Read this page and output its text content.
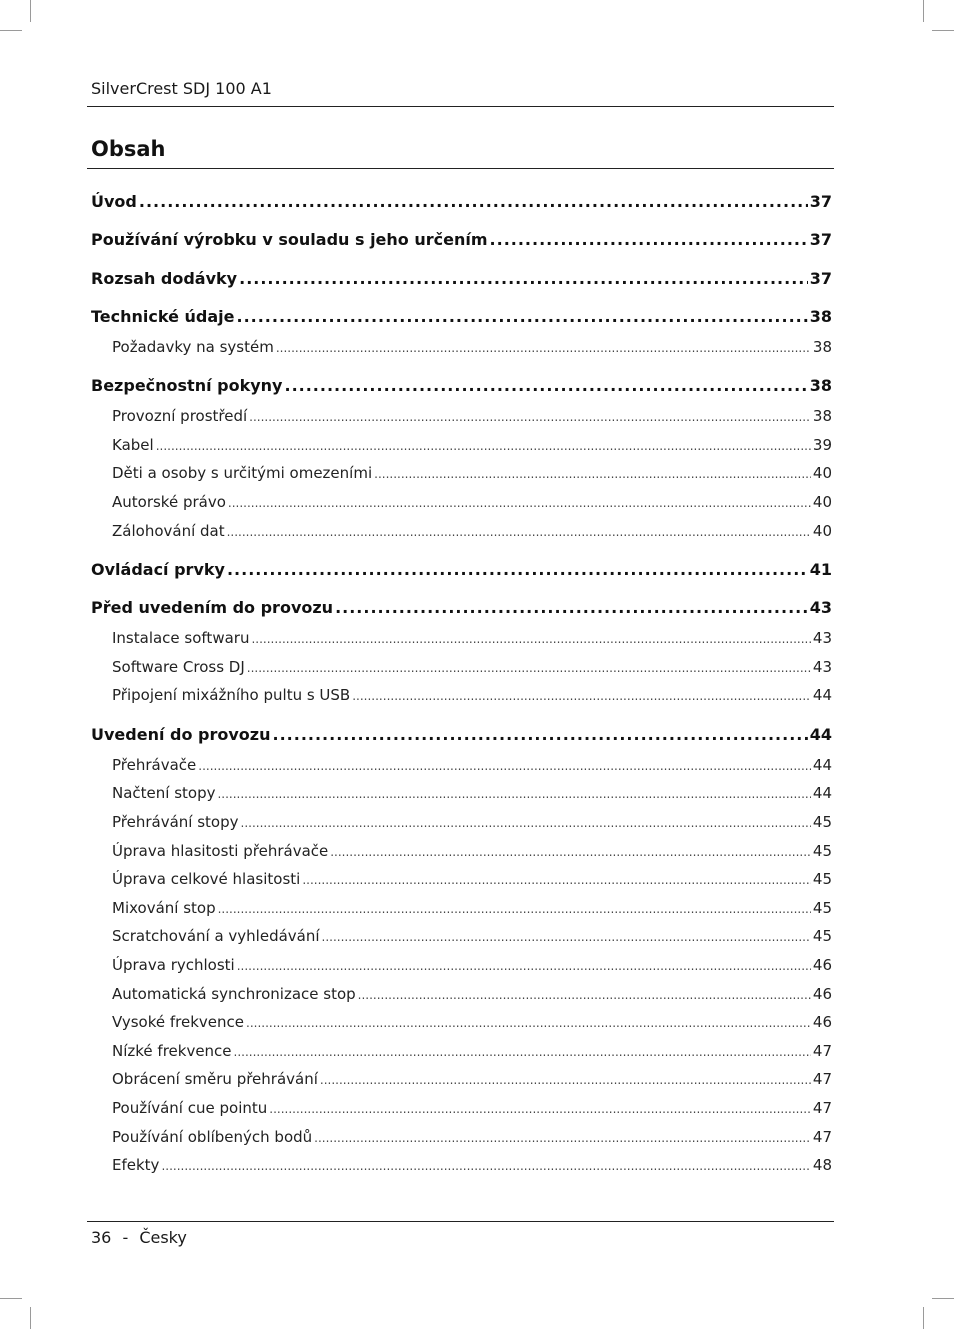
SilverCrest SDJ 100 A1
Obsah
Úvod .....	37
Používání výrobku v souladu s jeho určením .....	37
Rozsah dodávky .....	37
Technické údaje .....	38
Požadavky na systém .....	38
Bezpečnostní pokyny .....	38
Provozní prostředí .....	38
Kabel .....	39
Děti a osoby s určitými omezeními .....	40
Autorské právo .....	40
Zálohování dat .....	40
Ovládací prvky .....	41
Před uvedením do provozu .....	43
Instalace softwaru .....	43
Software Cross DJ .....	43
Připojení mixážního pultu s USB .....	44
Uvedení do provozu .....	44
Přehrávače .....	44
Načtení stopy .....	44
Přehrávání stopy .....	45
Úprava hlasitosti přehrávače .....	45
Úprava celkové hlasitosti .....	45
Mixování stop .....	45
Scratchování a vyhledávání .....	45
Úprava rychlosti .....	46
Automatická synchronizace stop .....	46
Vysoké frekvence .....	46
Nízké frekvence .....	47
Obrácení směru přehrávání .....	47
Používání cue pointu .....	47
Používání oblíbených bodů .....	47
Efekty .....	48
36 - Česky
